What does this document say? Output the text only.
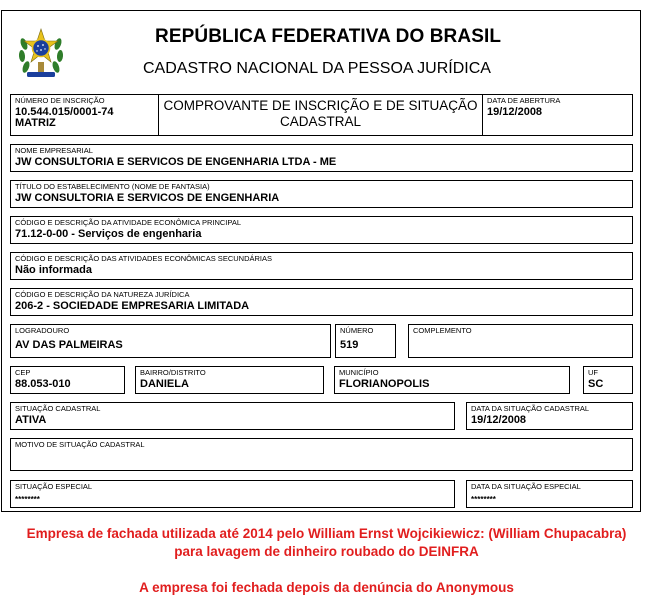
REPÚBLICA FEDERATIVA DO BRASIL
CADASTRO NACIONAL DA PESSOA JURÍDICA
NÚMERO DE INSCRIÇÃO
10.544.015/0001-74
MATRIZ
COMPROVANTE DE INSCRIÇÃO E DE SITUAÇÃO
CADASTRAL
DATA DE ABERTURA
19/12/2008
NOME EMPRESARIAL
JW CONSULTORIA E SERVICOS DE ENGENHARIA LTDA - ME
TÍTULO DO ESTABELECIMENTO (NOME DE FANTASIA)
JW CONSULTORIA E SERVICOS DE ENGENHARIA
CÓDIGO E DESCRIÇÃO DA ATIVIDADE ECONÔMICA PRINCIPAL
71.12-0-00 - Serviços de engenharia
CÓDIGO E DESCRIÇÃO DAS ATIVIDADES ECONÔMICAS SECUNDÁRIAS
Não informada
CÓDIGO E DESCRIÇÃO DA NATUREZA JURÍDICA
206-2 - SOCIEDADE EMPRESARIA LIMITADA
LOGRADOURO
AV DAS PALMEIRAS
NÚMERO
519
COMPLEMENTO
CEP
88.053-010
BAIRRO/DISTRITO
DANIELA
MUNICÍPIO
FLORIANOPOLIS
UF
SC
SITUAÇÃO CADASTRAL
ATIVA
DATA DA SITUAÇÃO CADASTRAL
19/12/2008
MOTIVO DE SITUAÇÃO CADASTRAL
SITUAÇÃO ESPECIAL
********
DATA DA SITUAÇÃO ESPECIAL
********
Empresa de fachada utilizada até 2014 pelo William Ernst Wojcikiewicz: (William Chupacabra)
para lavagem de dinheiro roubado do DEINFRA
A empresa foi fechada depois da denúncia do Anonymous
